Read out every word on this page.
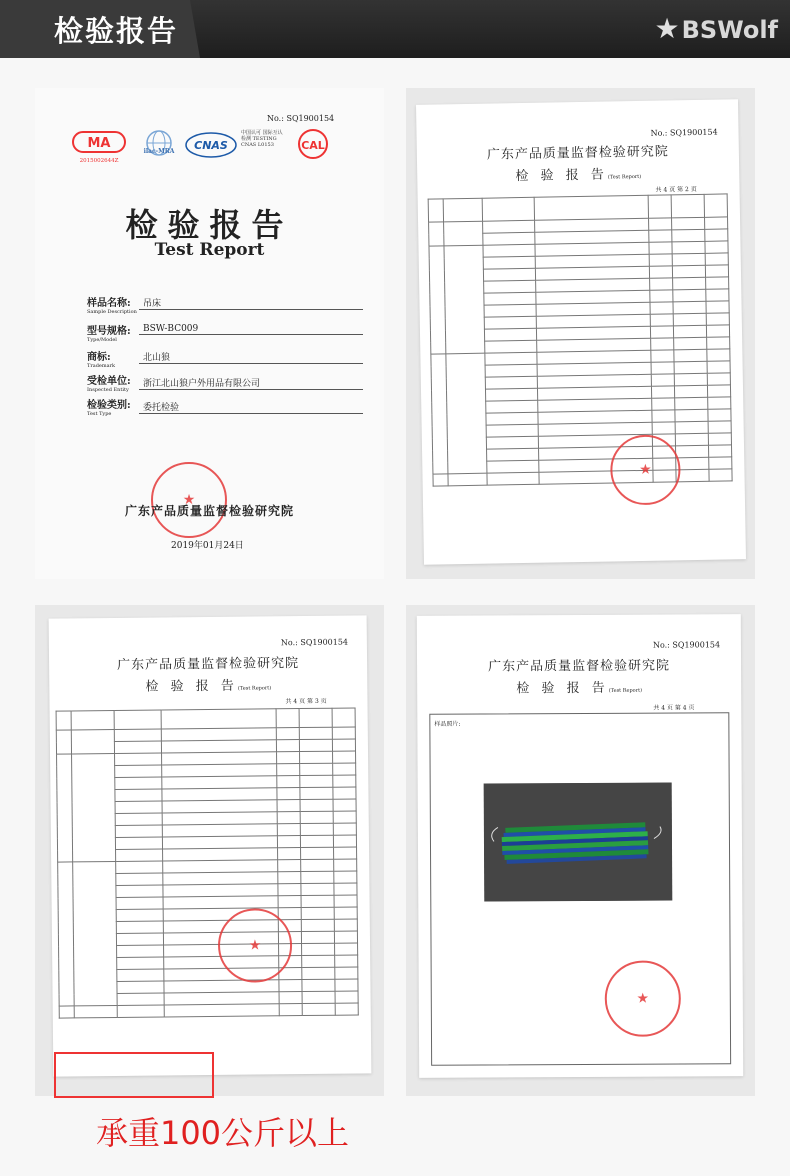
检验报告	★BSWolf
No.: SQ1900154
MA
2015002644Z
ilac-MRA	CNAS
中国认可 国际互认 检测 TESTING CNAS L0153	CAL
检验报告
Test Report
样品名称:
Sample Description
吊床
型号规格:
Type/Model
BSW-BC009
商标:
Trademark
北山狼
受检单位:
Inspected Entity
浙江北山狼户外用品有限公司
检验类别:
Test Type
委托检验
★
广东产品质量监督检验研究院
2019年01月24日
No.: SQ1900154
广东产品质量监督检验研究院
检 验 报 告(Test Report)
共 4 页 第 2 页

★
No.: SQ1900154
广东产品质量监督检验研究院
检 验 报 告(Test Report)
共 4 页 第 3 页

★
No.: SQ1900154
广东产品质量监督检验研究院
检 验 报 告(Test Report)
共 4 页 第 4 页
样品照片:
★
承重100公斤以上
